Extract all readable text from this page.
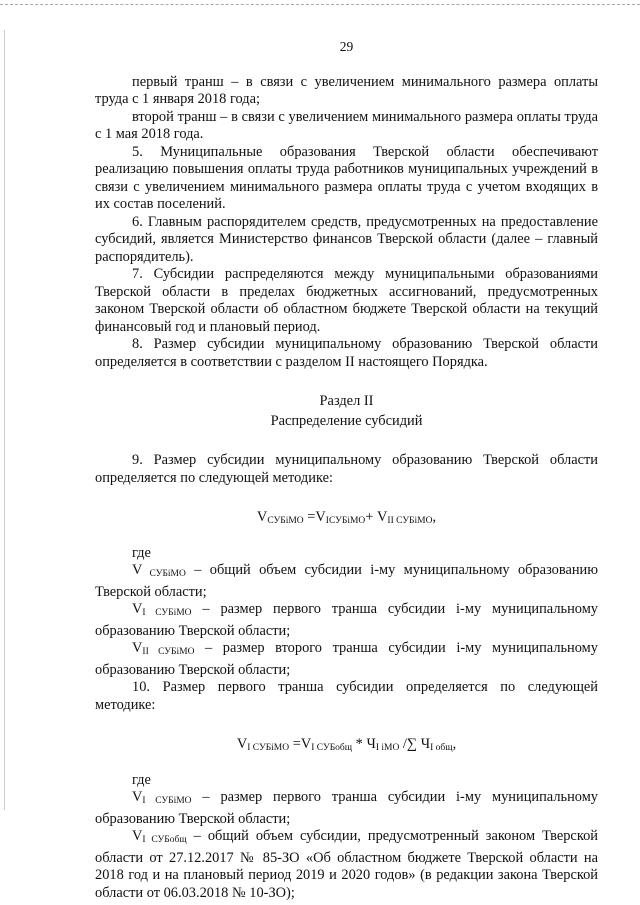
29

первый транш – в связи с увеличением минимального размера оплаты труда с 1 января 2018 года;

второй транш – в связи с увеличением минимального размера оплаты труда с 1 мая 2018 года.

5. Муниципальные образования Тверской области обеспечивают реализацию повышения оплаты труда работников муниципальных учреждений в связи с увеличением минимального размера оплаты труда с учетом входящих в их состав поселений.

6. Главным распорядителем средств, предусмотренных на предоставление субсидий, является Министерство финансов Тверской области (далее – главный распорядитель).

7. Субсидии распределяются между муниципальными образованиями Тверской области в пределах бюджетных ассигнований, предусмотренных законом Тверской области об областном бюджете Тверской области на текущий финансовый год и плановый период.

8. Размер субсидии муниципальному образованию Тверской области определяется в соответствии с разделом II настоящего Порядка.

Раздел II

Распределение субсидий

9. Размер субсидии муниципальному образованию Тверской области определяется по следующей методике:

$V_{СУБiМО} =V_{IСУБiМО}+ V_{II СУБiМО}$,

где

V $_{СУБiМО}$ – общий объем субсидии i-му муниципальному образованию Тверской области;

$V_{I СУБiМО}$ – размер первого транша субсидии i-му муниципальному образованию Тверской области;

$V_{II СУБiМО}$ – размер второго транша субсидии i-му муниципальному образованию Тверской области;

10. Размер первого транша субсидии определяется по следующей методике:

$V_{I СУБiМО} =V_{I СУБобщ} * Ч_{I iМО}$ /∑ $Ч_{I общ}$,

где

$V_{I СУБiМО}$ – размер первого транша субсидии i-му муниципальному образованию Тверской области;

$V_{I СУБобщ}$ – общий объем субсидии, предусмотренный законом Тверской области от 27.12.2017 № 85-ЗО «Об областном бюджете Тверской области на 2018 год и на плановый период 2019 и 2020 годов» (в редакции закона Тверской области от 06.03.2018 № 10-ЗО);
